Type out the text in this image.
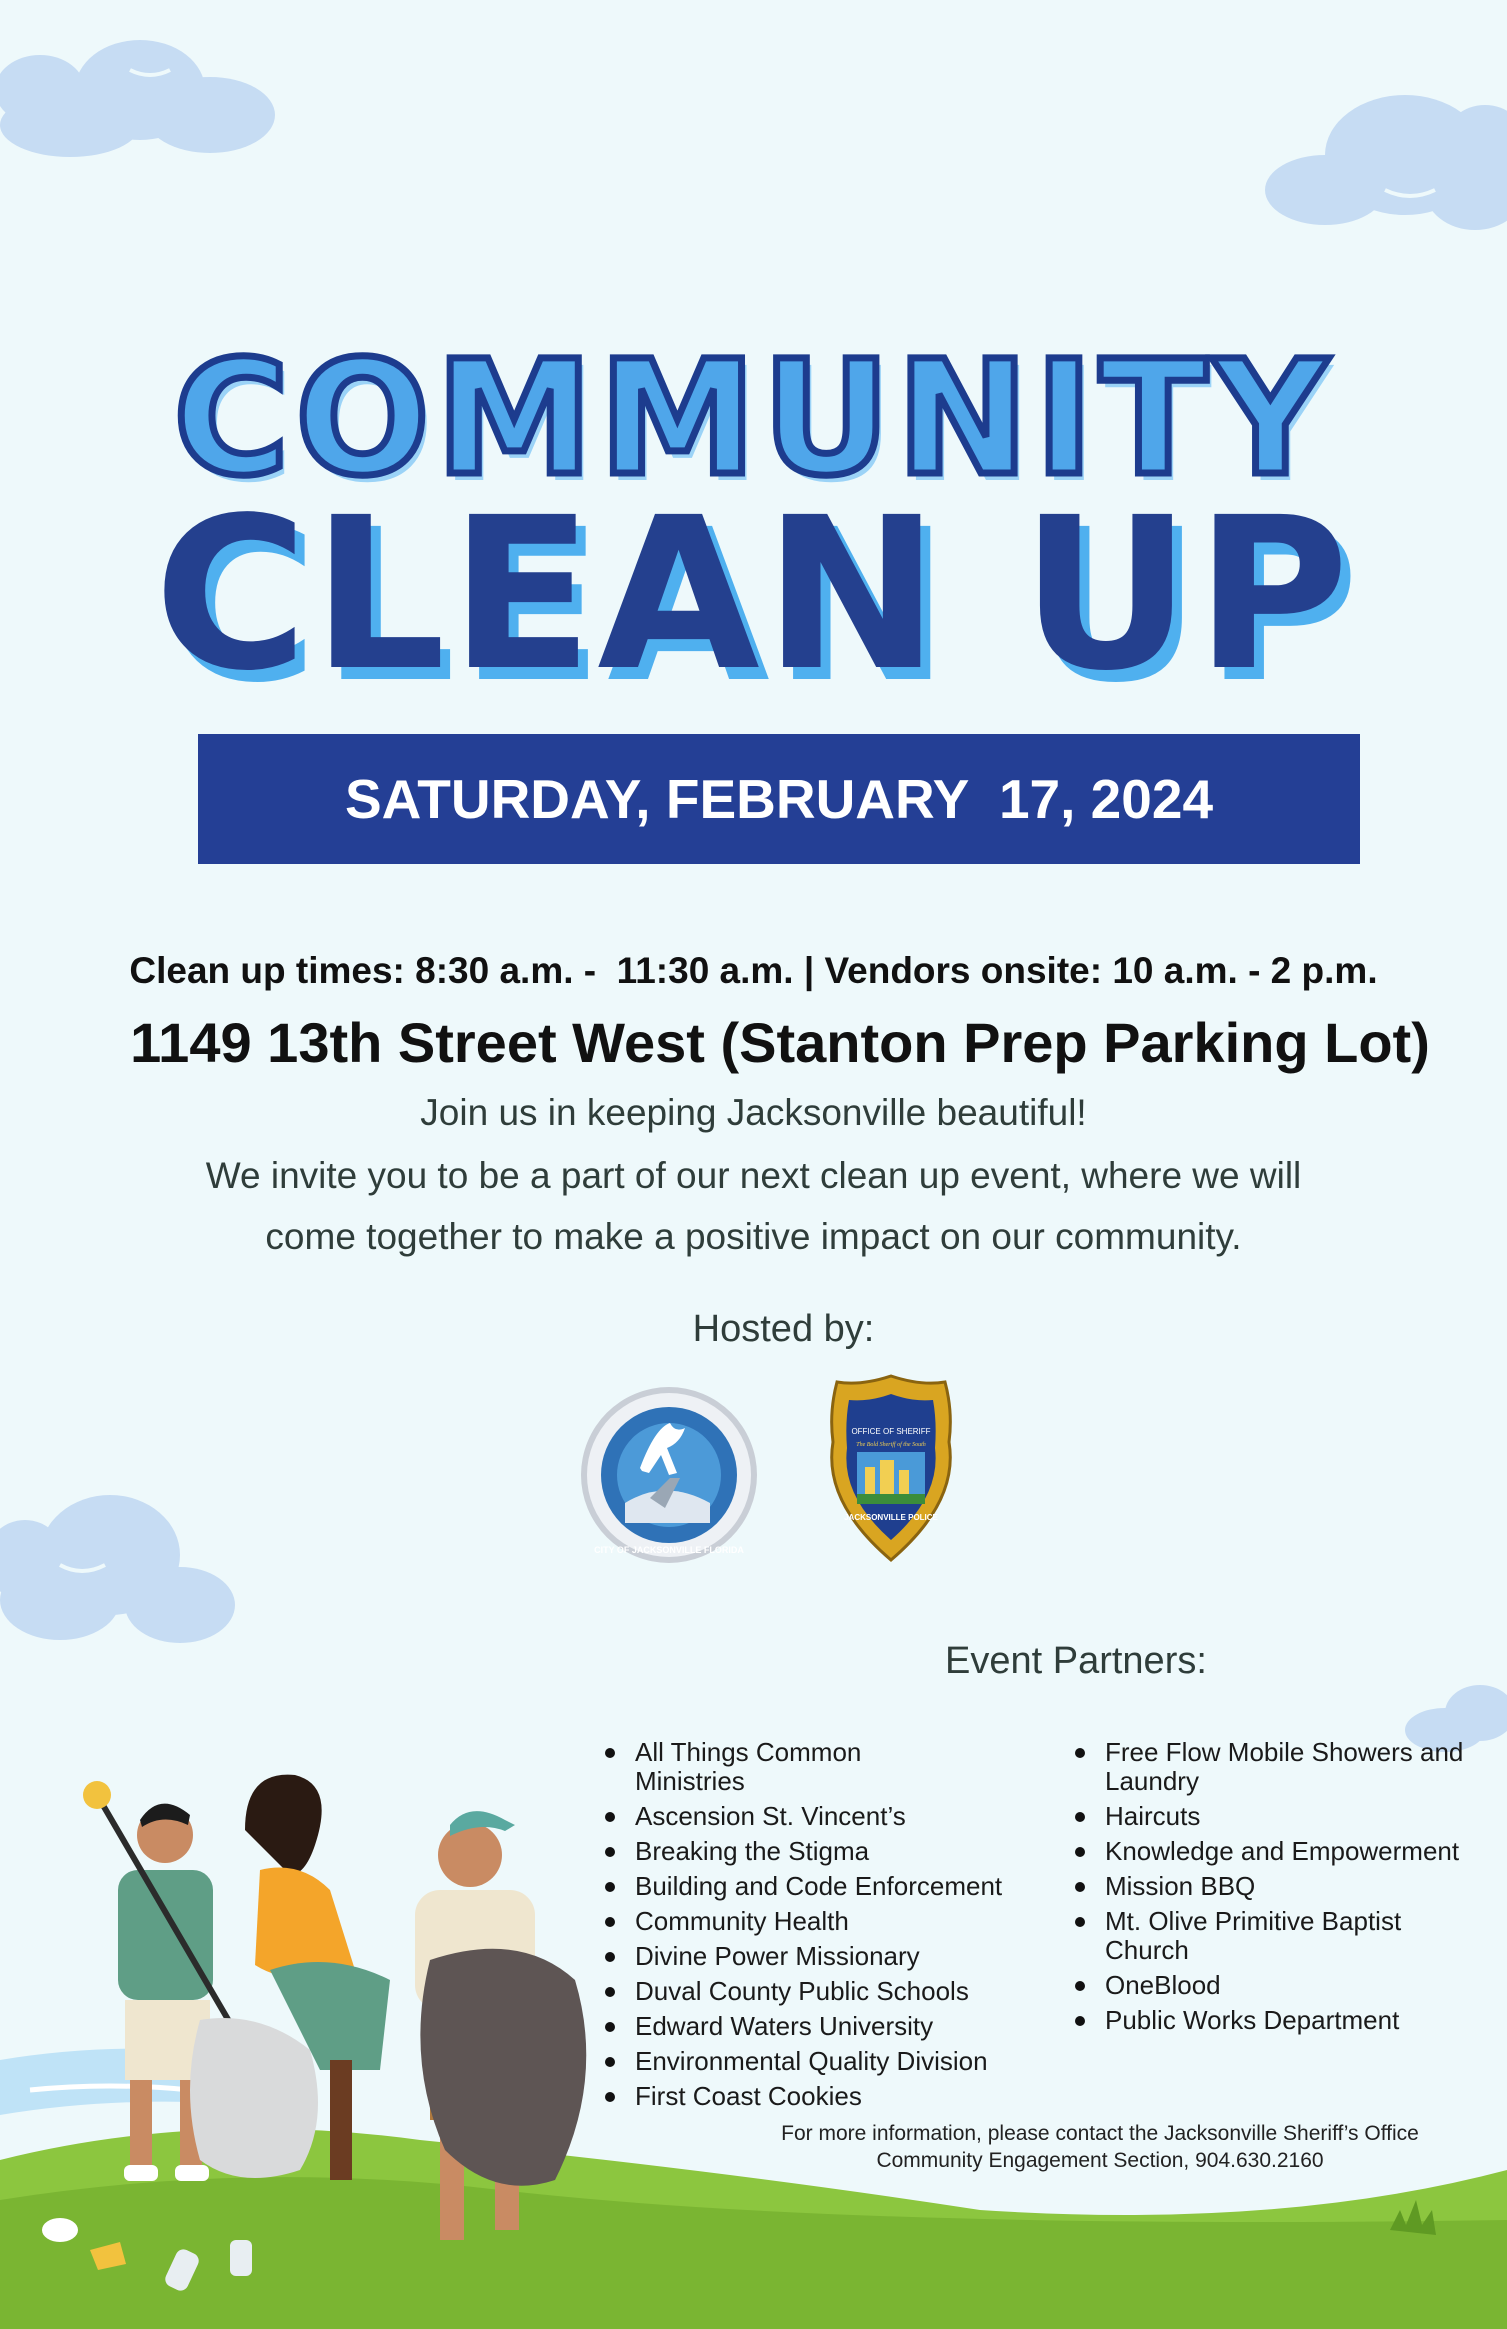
COMMUNITY
CLEAN UP
SATURDAY, FEBRUARY  17, 2024
Clean up times: 8:30 a.m. -  11:30 a.m. | Vendors onsite: 10 a.m. - 2 p.m.
1149 13th Street West (Stanton Prep Parking Lot)
Join us in keeping Jacksonville beautiful!
We invite you to be a part of our next clean up event, where we will
come together to make a positive impact on our community.
Hosted by:
CITY OF JACKSONVILLE FLORIDA
OFFICE OF SHERIFF
The Bold Sheriff of the South
JACKSONVILLE POLICE
Event Partners:
All Things Common Ministries
Ascension St. Vincent’s
Breaking the Stigma
Building and Code Enforcement
Community Health
Divine Power Missionary
Duval County Public Schools
Edward Waters University
Environmental Quality Division
First Coast Cookies
Free Flow Mobile Showers and Laundry
Haircuts
Knowledge and Empowerment
Mission BBQ
Mt. Olive Primitive Baptist Church
OneBlood
Public Works Department
For more information, please contact the Jacksonville Sheriff’s Office
Community Engagement Section, 904.630.2160
